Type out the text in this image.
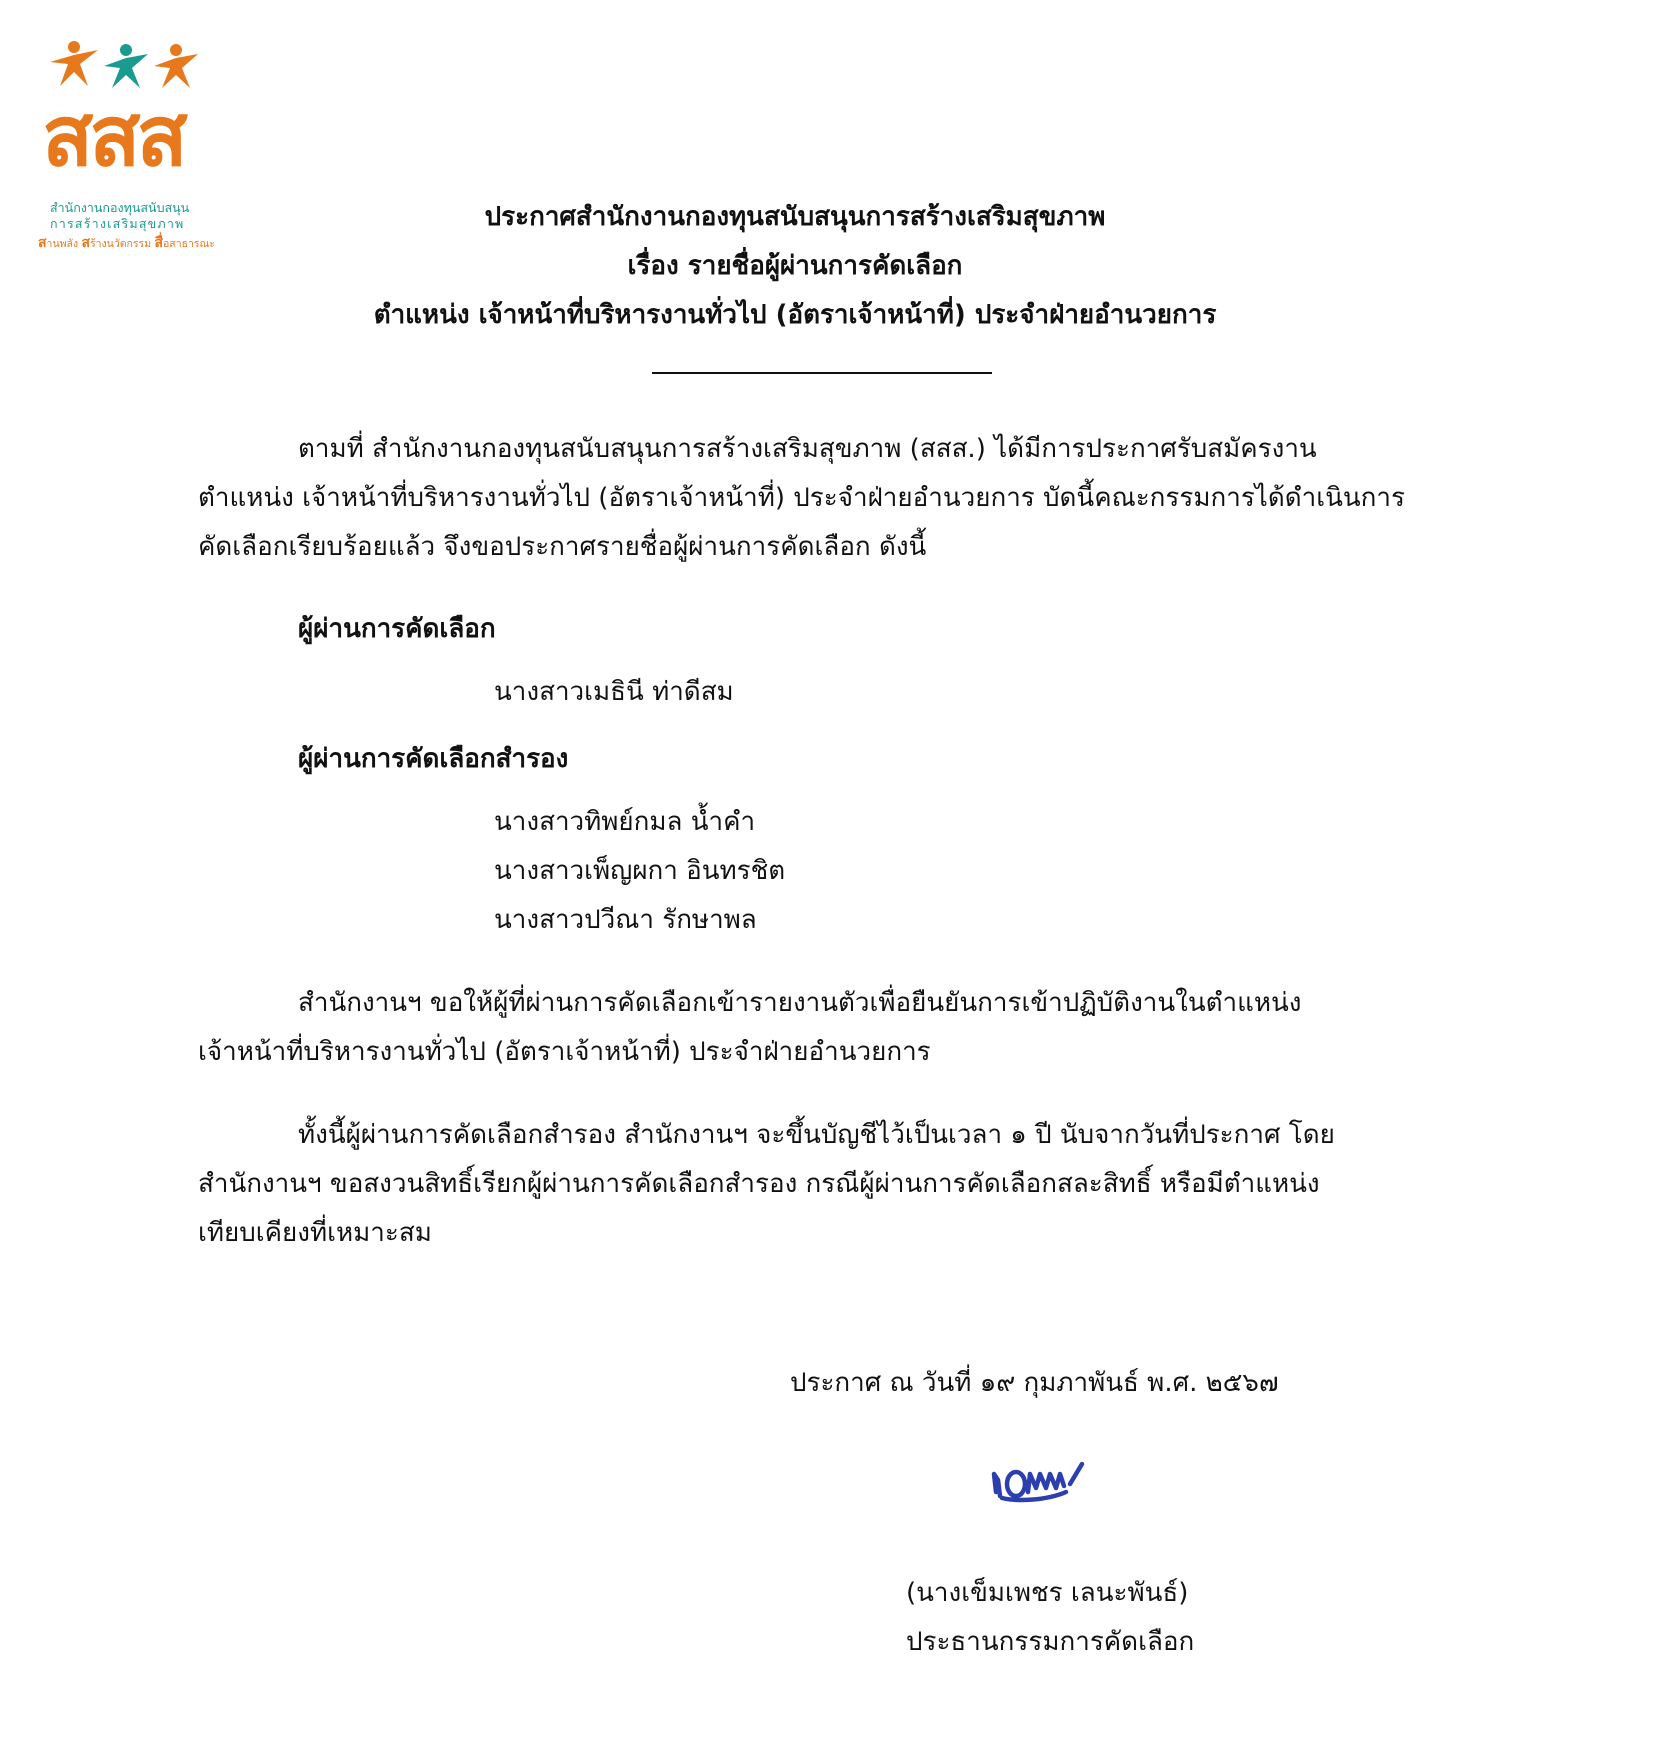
สสส
สำนักงานกองทุนสนับสนุน
การสร้างเสริมสุขภาพ
สานพลัง สร้างนวัตกรรม สื่อสาธารณะ
ประกาศสำนักงานกองทุนสนับสนุนการสร้างเสริมสุขภาพ
เรื่อง รายชื่อผู้ผ่านการคัดเลือก
ตำแหน่ง เจ้าหน้าที่บริหารงานทั่วไป (อัตราเจ้าหน้าที่) ประจำฝ่ายอำนวยการ
ตามที่ สำนักงานกองทุนสนับสนุนการสร้างเสริมสุขภาพ (สสส.) ได้มีการประกาศรับสมัครงาน
ตำแหน่ง เจ้าหน้าที่บริหารงานทั่วไป (อัตราเจ้าหน้าที่) ประจำฝ่ายอำนวยการ บัดนี้คณะกรรมการได้ดำเนินการ
คัดเลือกเรียบร้อยแล้ว จึงขอประกาศรายชื่อผู้ผ่านการคัดเลือก ดังนี้
ผู้ผ่านการคัดเลือก
นางสาวเมธินี ท่าดีสม
ผู้ผ่านการคัดเลือกสำรอง
นางสาวทิพย์กมล น้ำคำ
นางสาวเพ็ญผกา อินทรชิต
นางสาวปวีณา รักษาพล
สำนักงานฯ ขอให้ผู้ที่ผ่านการคัดเลือกเข้ารายงานตัวเพื่อยืนยันการเข้าปฏิบัติงานในตำแหน่ง
เจ้าหน้าที่บริหารงานทั่วไป (อัตราเจ้าหน้าที่) ประจำฝ่ายอำนวยการ
ทั้งนี้ผู้ผ่านการคัดเลือกสำรอง สำนักงานฯ จะขึ้นบัญชีไว้เป็นเวลา ๑ ปี นับจากวันที่ประกาศ โดย
สำนักงานฯ ขอสงวนสิทธิ์เรียกผู้ผ่านการคัดเลือกสำรอง กรณีผู้ผ่านการคัดเลือกสละสิทธิ์ หรือมีตำแหน่ง
เทียบเคียงที่เหมาะสม
ประกาศ ณ วันที่ ๑๙ กุมภาพันธ์ พ.ศ. ๒๕๖๗
(นางเข็มเพชร เลนะพันธ์)
ประธานกรรมการคัดเลือก
